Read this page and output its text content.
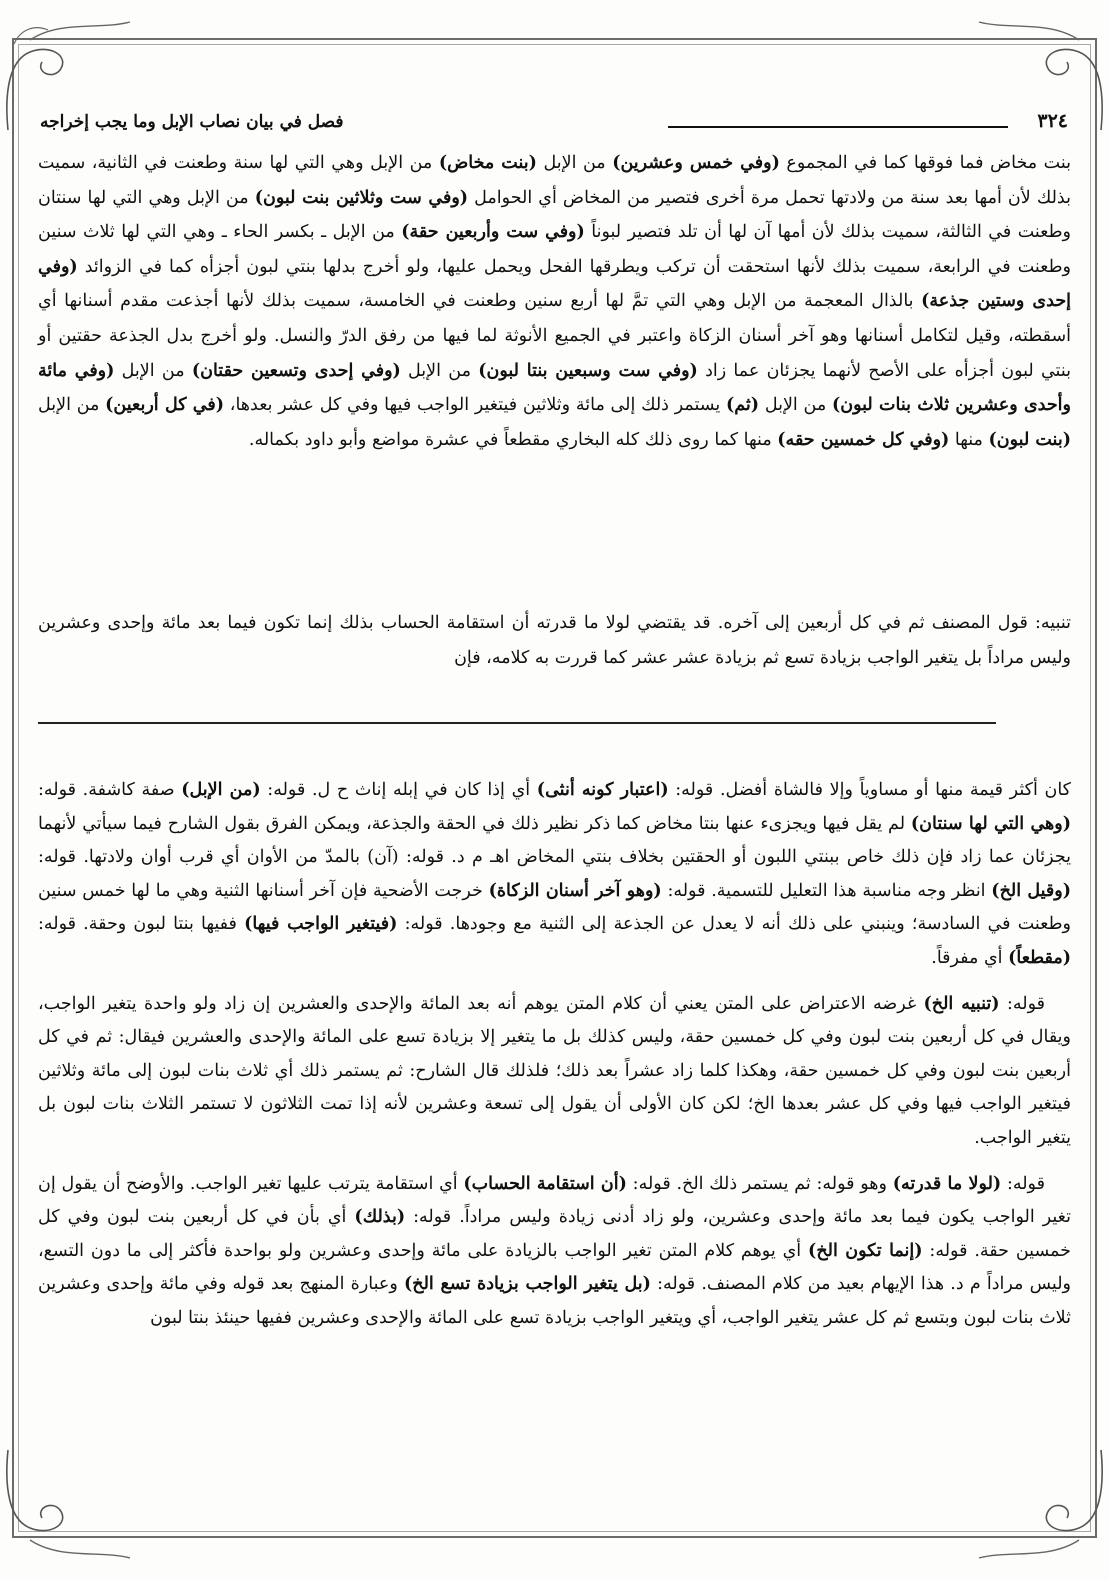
٣٢٤
فصل في بيان نصاب الإبل وما يجب إخراجه

بنت مخاض فما فوقها كما في المجموع (وفي خمس وعشرين) من الإبل (بنت مخاض) من الإبل وهي التي لها سنة وطعنت في الثانية، سميت بذلك لأن أمها بعد سنة من ولادتها تحمل مرة أخرى فتصير من المخاض أي الحوامل (وفي ست وثلاثين بنت لبون) من الإبل وهي التي لها سنتان وطعنت في الثالثة، سميت بذلك لأن أمها آن لها أن تلد فتصير لبوناً (وفي ست وأربعين حقة) من الإبل ـ بكسر الحاء ـ وهي التي لها ثلاث سنين وطعنت في الرابعة، سميت بذلك لأنها استحقت أن تركب ويطرقها الفحل ويحمل عليها، ولو أخرج بدلها بنتي لبون أجزأه كما في الزوائد (وفي إحدى وستين جذعة) بالذال المعجمة من الإبل وهي التي تمَّ لها أربع سنين وطعنت في الخامسة، سميت بذلك لأنها أجذعت مقدم أسنانها أي أسقطته، وقيل لتكامل أسنانها وهو آخر أسنان الزكاة واعتبر في الجميع الأنوثة لما فيها من رفق الدرّ والنسل. ولو أخرج بدل الجذعة حقتين أو بنتي لبون أجزأه على الأصح لأنهما يجزئان عما زاد (وفي ست وسبعين بنتا لبون) من الإبل (وفي إحدى وتسعين حقتان) من الإبل (وفي مائة وأحدى وعشرين ثلاث بنات لبون) من الإبل (ثم) يستمر ذلك إلى مائة وثلاثين فيتغير الواجب فيها وفي كل عشر بعدها، (في كل أربعين) من الإبل (بنت لبون) منها (وفي كل خمسين حقه) منها كما روى ذلك كله البخاري مقطعاً في عشرة مواضع وأبو داود بكماله.

تنبيه: قول المصنف ثم في كل أربعين إلى آخره. قد يقتضي لولا ما قدرته أن استقامة الحساب بذلك إنما تكون فيما بعد مائة وإحدى وعشرين وليس مراداً بل يتغير الواجب بزيادة تسع ثم بزيادة عشر عشر كما قررت به كلامه، فإن

كان أكثر قيمة منها أو مساوياً وإلا فالشاة أفضل. قوله: (اعتبار كونه أنثى) أي إذا كان في إبله إناث ح ل. قوله: (من الإبل) صفة كاشفة. قوله: (وهي التي لها سنتان) لم يقل فيها ويجزىء عنها بنتا مخاض كما ذكر نظير ذلك في الحقة والجذعة، ويمكن الفرق بقول الشارح فيما سيأتي لأنهما يجزئان عما زاد فإن ذلك خاص ببنتي اللبون أو الحقتين بخلاف بنتي المخاض اهـ م د. قوله: (آن) بالمدّ من الأوان أي قرب أوان ولادتها. قوله: (وقيل الخ) انظر وجه مناسبة هذا التعليل للتسمية. قوله: (وهو آخر أسنان الزكاة) خرجت الأضحية فإن آخر أسنانها الثنية وهي ما لها خمس سنين وطعنت في السادسة؛ وينبني على ذلك أنه لا يعدل عن الجذعة إلى الثنية مع وجودها. قوله: (فيتغير الواجب فيها) ففيها بنتا لبون وحقة. قوله: (مقطعاً) أي مفرقاً.

قوله: (تنبيه الخ) غرضه الاعتراض على المتن يعني أن كلام المتن يوهم أنه بعد المائة والإحدى والعشرين إن زاد ولو واحدة يتغير الواجب، ويقال في كل أربعين بنت لبون وفي كل خمسين حقة، وليس كذلك بل ما يتغير إلا بزيادة تسع على المائة والإحدى والعشرين فيقال: ثم في كل أربعين بنت لبون وفي كل خمسين حقة، وهكذا كلما زاد عشراً بعد ذلك؛ فلذلك قال الشارح: ثم يستمر ذلك أي ثلاث بنات لبون إلى مائة وثلاثين فيتغير الواجب فيها وفي كل عشر بعدها الخ؛ لكن كان الأولى أن يقول إلى تسعة وعشرين لأنه إذا تمت الثلاثون لا تستمر الثلاث بنات لبون بل يتغير الواجب.

قوله: (لولا ما قدرته) وهو قوله: ثم يستمر ذلك الخ. قوله: (أن استقامة الحساب) أي استقامة يترتب عليها تغير الواجب. والأوضح أن يقول إن تغير الواجب يكون فيما بعد مائة وإحدى وعشرين، ولو زاد أدنى زيادة وليس مراداً. قوله: (بذلك) أي بأن في كل أربعين بنت لبون وفي كل خمسين حقة. قوله: (إنما تكون الخ) أي يوهم كلام المتن تغير الواجب بالزيادة على مائة وإحدى وعشرين ولو بواحدة فأكثر إلى ما دون التسع، وليس مراداً م د. هذا الإيهام بعيد من كلام المصنف. قوله: (بل يتغير الواجب بزيادة تسع الخ) وعبارة المنهج بعد قوله وفي مائة وإحدى وعشرين ثلاث بنات لبون وبتسع ثم كل عشر يتغير الواجب، أي ويتغير الواجب بزيادة تسع على المائة والإحدى وعشرين ففيها حينئذ بنتا لبون
